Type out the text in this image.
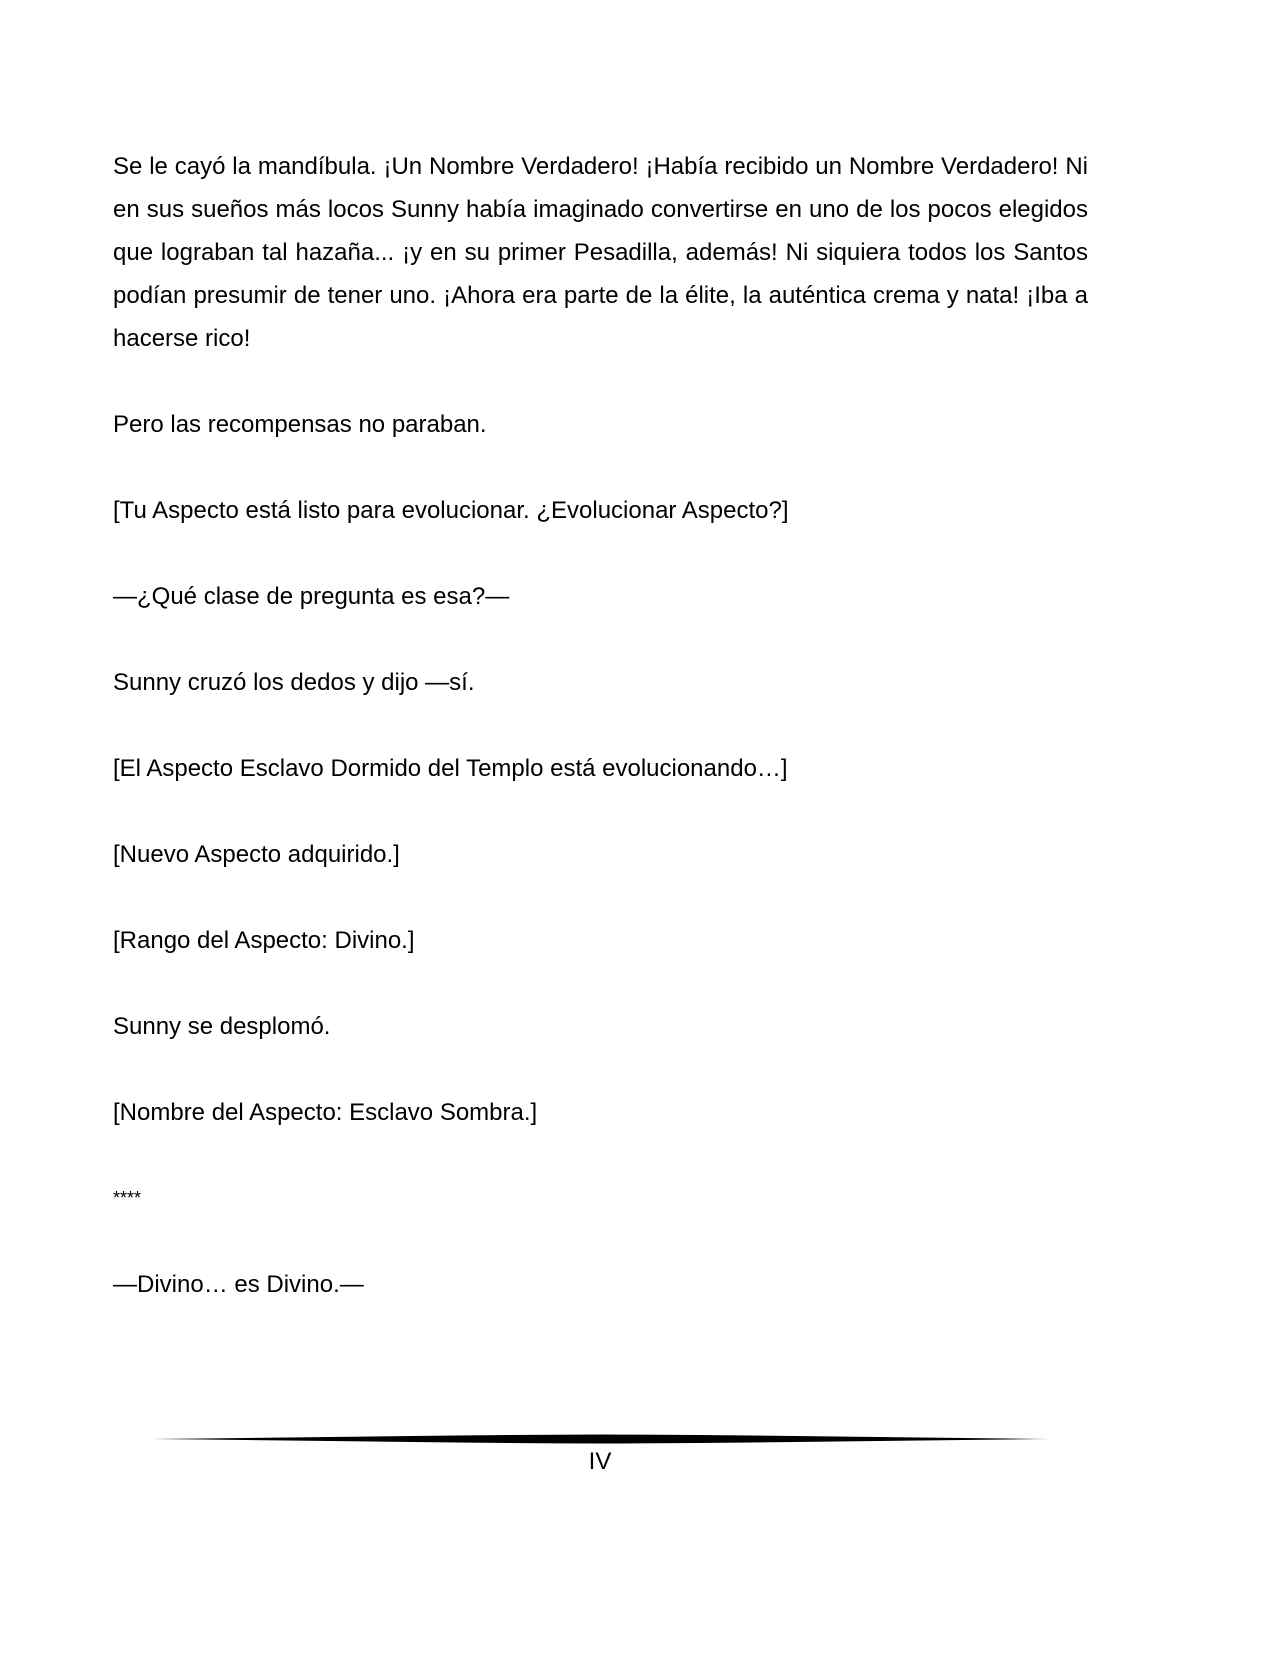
Se le cayó la mandíbula. ¡Un Nombre Verdadero! ¡Había recibido un Nombre Verdadero! Ni en sus sueños más locos Sunny había imaginado convertirse en uno de los pocos elegidos que lograban tal hazaña... ¡y en su primer Pesadilla, además! Ni siquiera todos los Santos podían presumir de tener uno. ¡Ahora era parte de la élite, la auténtica crema y nata! ¡Iba a hacerse rico!

Pero las recompensas no paraban.

[Tu Aspecto está listo para evolucionar. ¿Evolucionar Aspecto?]

—¿Qué clase de pregunta es esa?—

Sunny cruzó los dedos y dijo —sí.

[El Aspecto Esclavo Dormido del Templo está evolucionando…]

[Nuevo Aspecto adquirido.]

[Rango del Aspecto: Divino.]

Sunny se desplomó.

[Nombre del Aspecto: Esclavo Sombra.]

****

—Divino… es Divino.—

IV
